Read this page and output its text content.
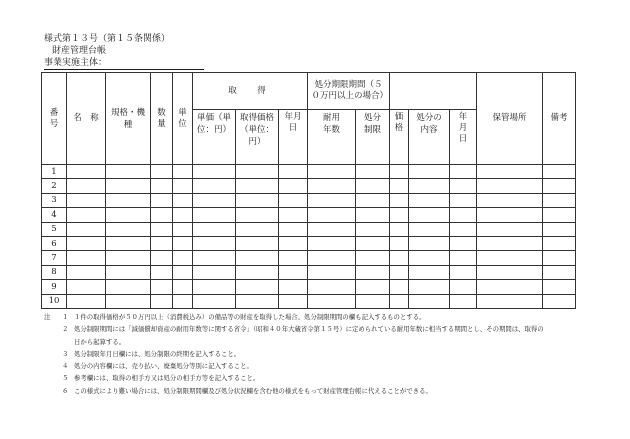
様式第１３号（第１５条関係）
財産管理台帳
事業実施主体：
番号	名　称	規格・機種	数量	単位	取　得			処分期限期間（５０万円以上の場合）					保管場所	備考
					単価（単位：円）	取得価格（単位：円）	年月日	耐用年数	処分制限	価格	処分の内容	年月日		
1														
2														
3														
4														
5														
6														
7														
8														
9														
10														
注 １ １件の取得価格が５０万円以上（消費税込み）の備品等の財産を取得した場合、処分制限期間の欄も記入するものとする。
２ 処分制限期間には「減価償却資産の耐用年数等に関する省令」（昭和４０年大蔵省令第１５号）に定められている耐用年数に相当する期間とし、その期間は、取得の
日から起算する。
３ 処分制限年月日欄には、処分制限の終期を記入すること。
４ 処分の内容欄には、売り払い、廃棄処分等別に記入すること。
５ 参考欄には、取得の相手方又は処分の相手方等を記入すること。
６ この様式により難い場合には、処分制限期間欄及び処分状況欄を含む他の様式をもって財産管理台帳に代えることができる。
